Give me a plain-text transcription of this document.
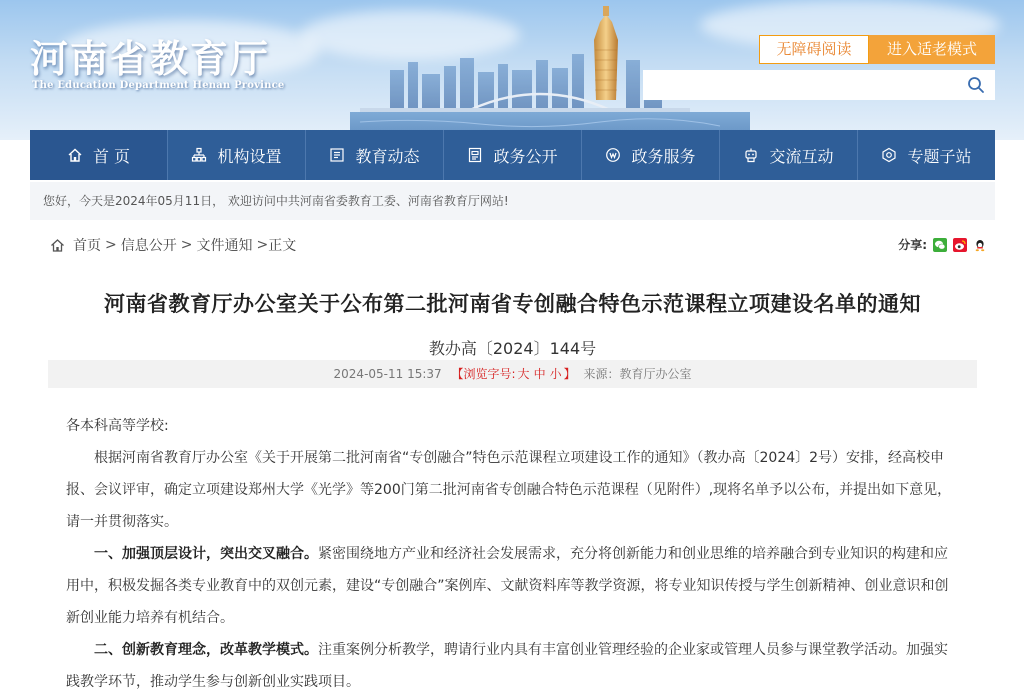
河南省教育厅
The Education Department Henan Province
无障碍阅读	进入适老模式
首 页	机构设置	教育动态	政务公开	政务服务	交流互动	专题子站
您好，今天是2024年05月11日， 欢迎访问中共河南省委教育工委、河南省教育厅网站!
首页 > 信息公开 > 文件通知 > 正文	分享:
河南省教育厅办公室关于公布第二批河南省专创融合特色示范课程立项建设名单的通知
教办高〔2024〕144号
2024-05-11 15:37 【浏览字号: 大 中 小 】 来源：教育厅办公室

各本科高等学校:

根据河南省教育厅办公室《关于开展第二批河南省“专创融合”特色示范课程立项建设工作的通知》（教办高〔2024〕2号）安排，经高校申报、会议评审，确定立项建设郑州大学《光学》等200门第二批河南省专创融合特色示范课程（见附件）,现将名单予以公布，并提出如下意见，请一并贯彻落实。

一、加强顶层设计，突出交叉融合。紧密围绕地方产业和经济社会发展需求，充分将创新能力和创业思维的培养融合到专业知识的构建和应用中，积极发掘各类专业教育中的双创元素，建设“专创融合”案例库、文献资料库等教学资源，将专业知识传授与学生创新精神、创业意识和创新创业能力培养有机结合。

二、创新教育理念，改革教学模式。注重案例分析教学，聘请行业内具有丰富创业管理经验的企业家或管理人员参与课堂教学活动。加强实践教学环节，推动学生参与创新创业实践项目。
